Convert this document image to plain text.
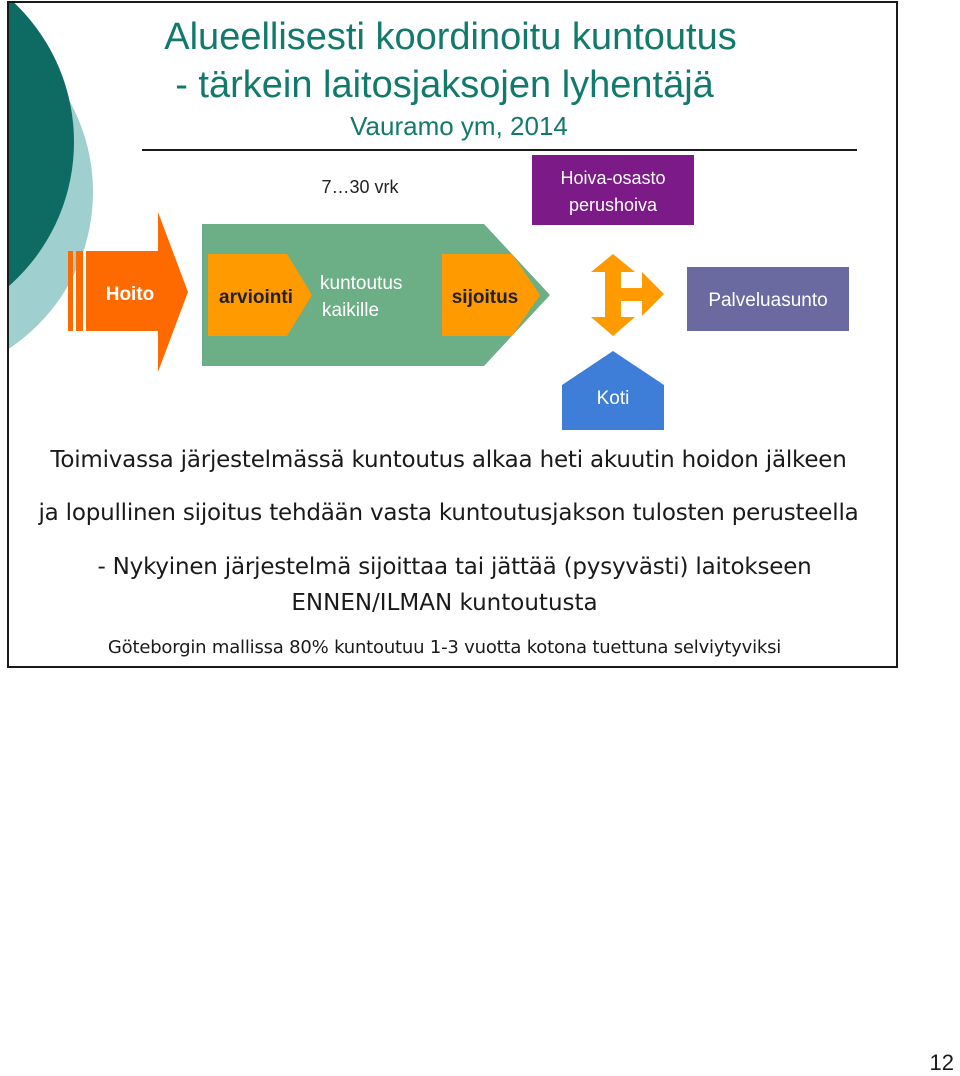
Alueellisesti koordinoitu kuntoutus
- tärkein laitosjaksojen lyhentäjä
Vauramo ym, 2014
7…30 vrk	Hoiva-osasto
perushoiva
Hoito	arviointi
kuntoutus
kaikille
sijoitus	Palveluasunto
Koti

Toimivassa järjestelmässä kuntoutus alkaa heti akuutin hoidon jälkeen

ja lopullinen sijoitus tehdään vasta kuntoutusjakson tulosten perusteella

- Nykyinen järjestelmä sijoittaa tai jättää (pysyvästi) laitokseen

ENNEN/ILMAN kuntoutusta

Göteborgin mallissa 80% kuntoutuu 1-3 vuotta kotona tuettuna selviytyviksi

12
